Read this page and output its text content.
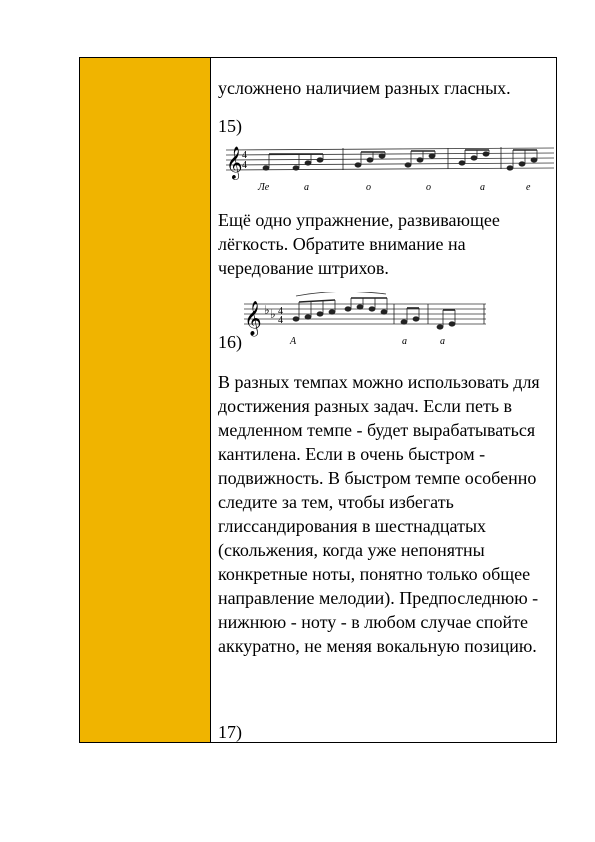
усложнено наличием разных гласных.
15)
𝄞 4
4
Ле	а	о	о	а	е
Ещё одно упражнение, развивающее лёгкость. Обратите внимание на чередование штрихов.
𝄞 ♭ ♭ 4
4
А	а	а
16)
В разных темпах можно использовать для достижения разных задач. Если петь в медленном темпе - будет вырабатываться кантилена. Если в очень быстром - подвижность. В быстром темпе особенно следите за тем, чтобы избегать глиссандирования в шестнадцатых (скольжения, когда уже непонятны конкретные ноты, понятно только общее направление мелодии). Предпоследнюю - нижнюю - ноту - в любом случае спойте аккуратно, не меняя вокальную позицию.
17)
